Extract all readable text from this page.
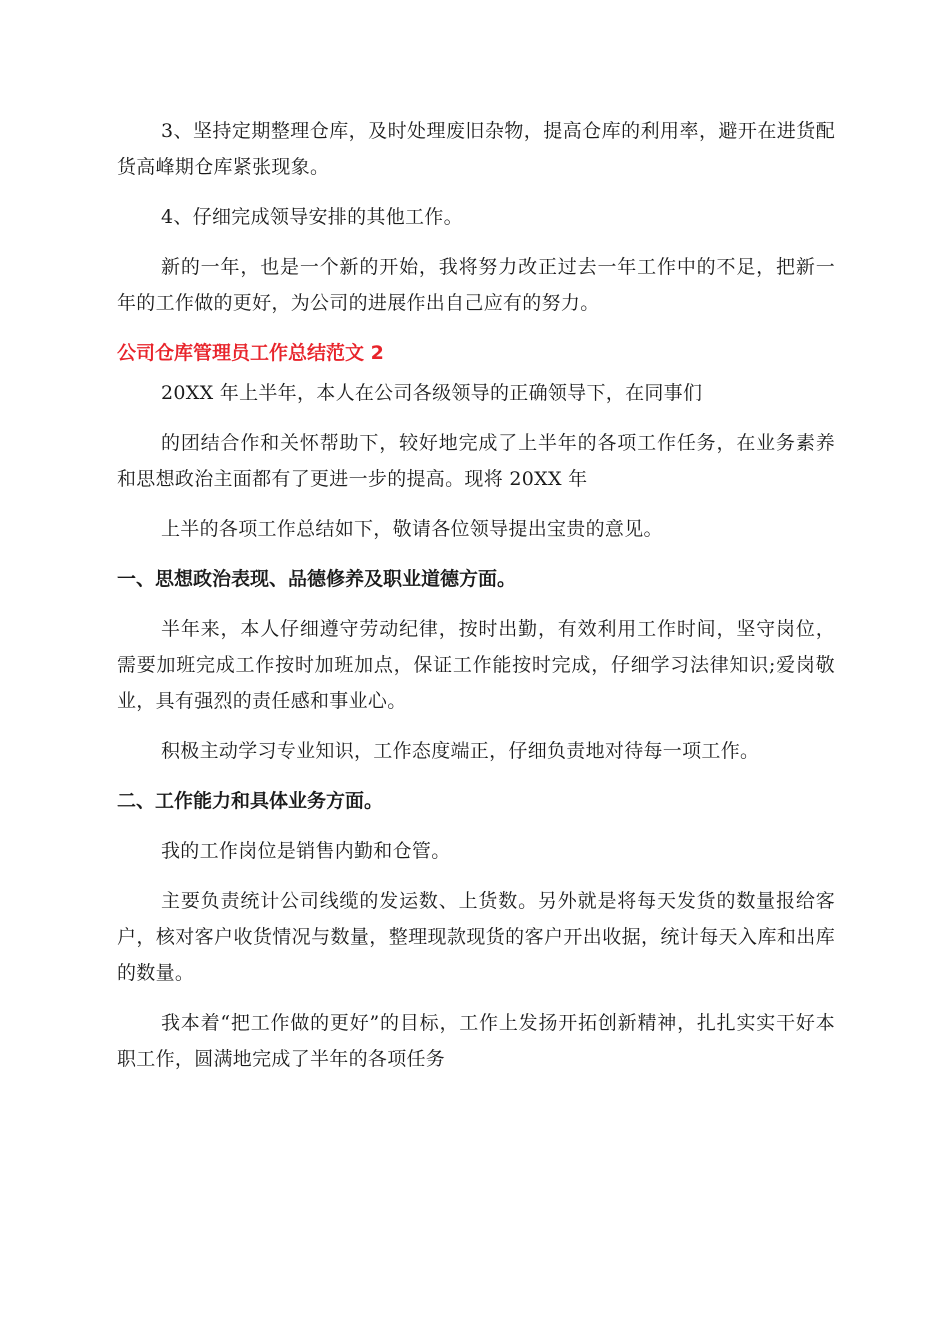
3、坚持定期整理仓库，及时处理废旧杂物，提高仓库的利用率，避开在进货配货高峰期仓库紧张现象。

4、仔细完成领导安排的其他工作。

新的一年，也是一个新的开始，我将努力改正过去一年工作中的不足，把新一年的工作做的更好，为公司的进展作出自己应有的努力。

公司仓库管理员工作总结范文 2

20XX 年上半年，本人在公司各级领导的正确领导下，在同事们

的团结合作和关怀帮助下，较好地完成了上半年的各项工作任务，在业务素养和思想政治主面都有了更进一步的提高。现将 20XX 年

上半的各项工作总结如下，敬请各位领导提出宝贵的意见。

一、思想政治表现、品德修养及职业道德方面。

半年来，本人仔细遵守劳动纪律，按时出勤，有效利用工作时间，坚守岗位，需要加班完成工作按时加班加点，保证工作能按时完成，仔细学习法律知识;爱岗敬业，具有强烈的责任感和事业心。

积极主动学习专业知识，工作态度端正，仔细负责地对待每一项工作。

二、工作能力和具体业务方面。

我的工作岗位是销售内勤和仓管。

主要负责统计公司线缆的发运数、上货数。另外就是将每天发货的数量报给客户，核对客户收货情况与数量，整理现款现货的客户开出收据，统计每天入库和出库的数量。

我本着“把工作做的更好”的目标，工作上发扬开拓创新精神，扎扎实实干好本职工作，圆满地完成了半年的各项任务
